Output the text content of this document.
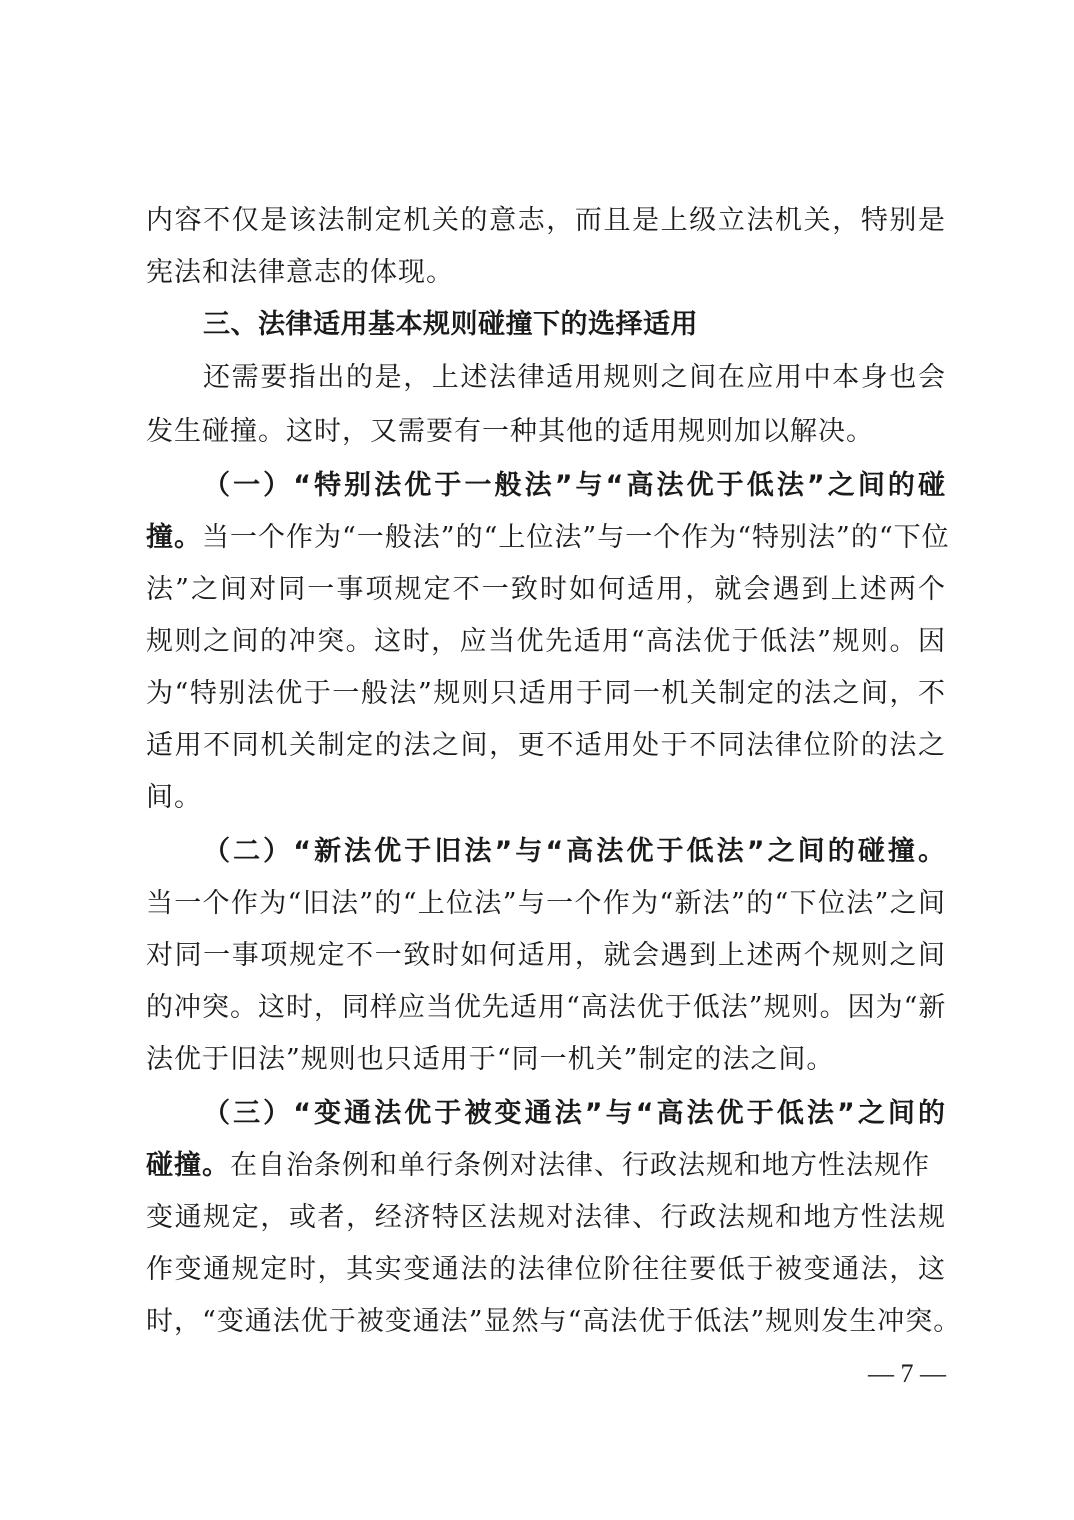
内容不仅是该法制定机关的意志，而且是上级立法机关，特别是
宪法和法律意志的体现。
三、法律适用基本规则碰撞下的选择适用
还需要指出的是，上述法律适用规则之间在应用中本身也会
发生碰撞。这时，又需要有一种其他的适用规则加以解决。
（一）“特别法优于一般法”与“高法优于低法”之间的碰
撞。当一个作为“一般法”的“上位法”与一个作为“特别法”的“下位
法”之间对同一事项规定不一致时如何适用，就会遇到上述两个
规则之间的冲突。这时，应当优先适用“高法优于低法”规则。因
为“特别法优于一般法”规则只适用于同一机关制定的法之间，不
适用不同机关制定的法之间，更不适用处于不同法律位阶的法之
间。
（二）“新法优于旧法”与“高法优于低法”之间的碰撞。
当一个作为“旧法”的“上位法”与一个作为“新法”的“下位法”之间
对同一事项规定不一致时如何适用，就会遇到上述两个规则之间
的冲突。这时，同样应当优先适用“高法优于低法”规则。因为“新
法优于旧法”规则也只适用于“同一机关”制定的法之间。
（三）“变通法优于被变通法”与“高法优于低法”之间的
碰撞。在自治条例和单行条例对法律、行政法规和地方性法规作
变通规定，或者，经济特区法规对法律、行政法规和地方性法规
作变通规定时，其实变通法的法律位阶往往要低于被变通法，这
时，“变通法优于被变通法”显然与“高法优于低法”规则发生冲突。
— 7 —
